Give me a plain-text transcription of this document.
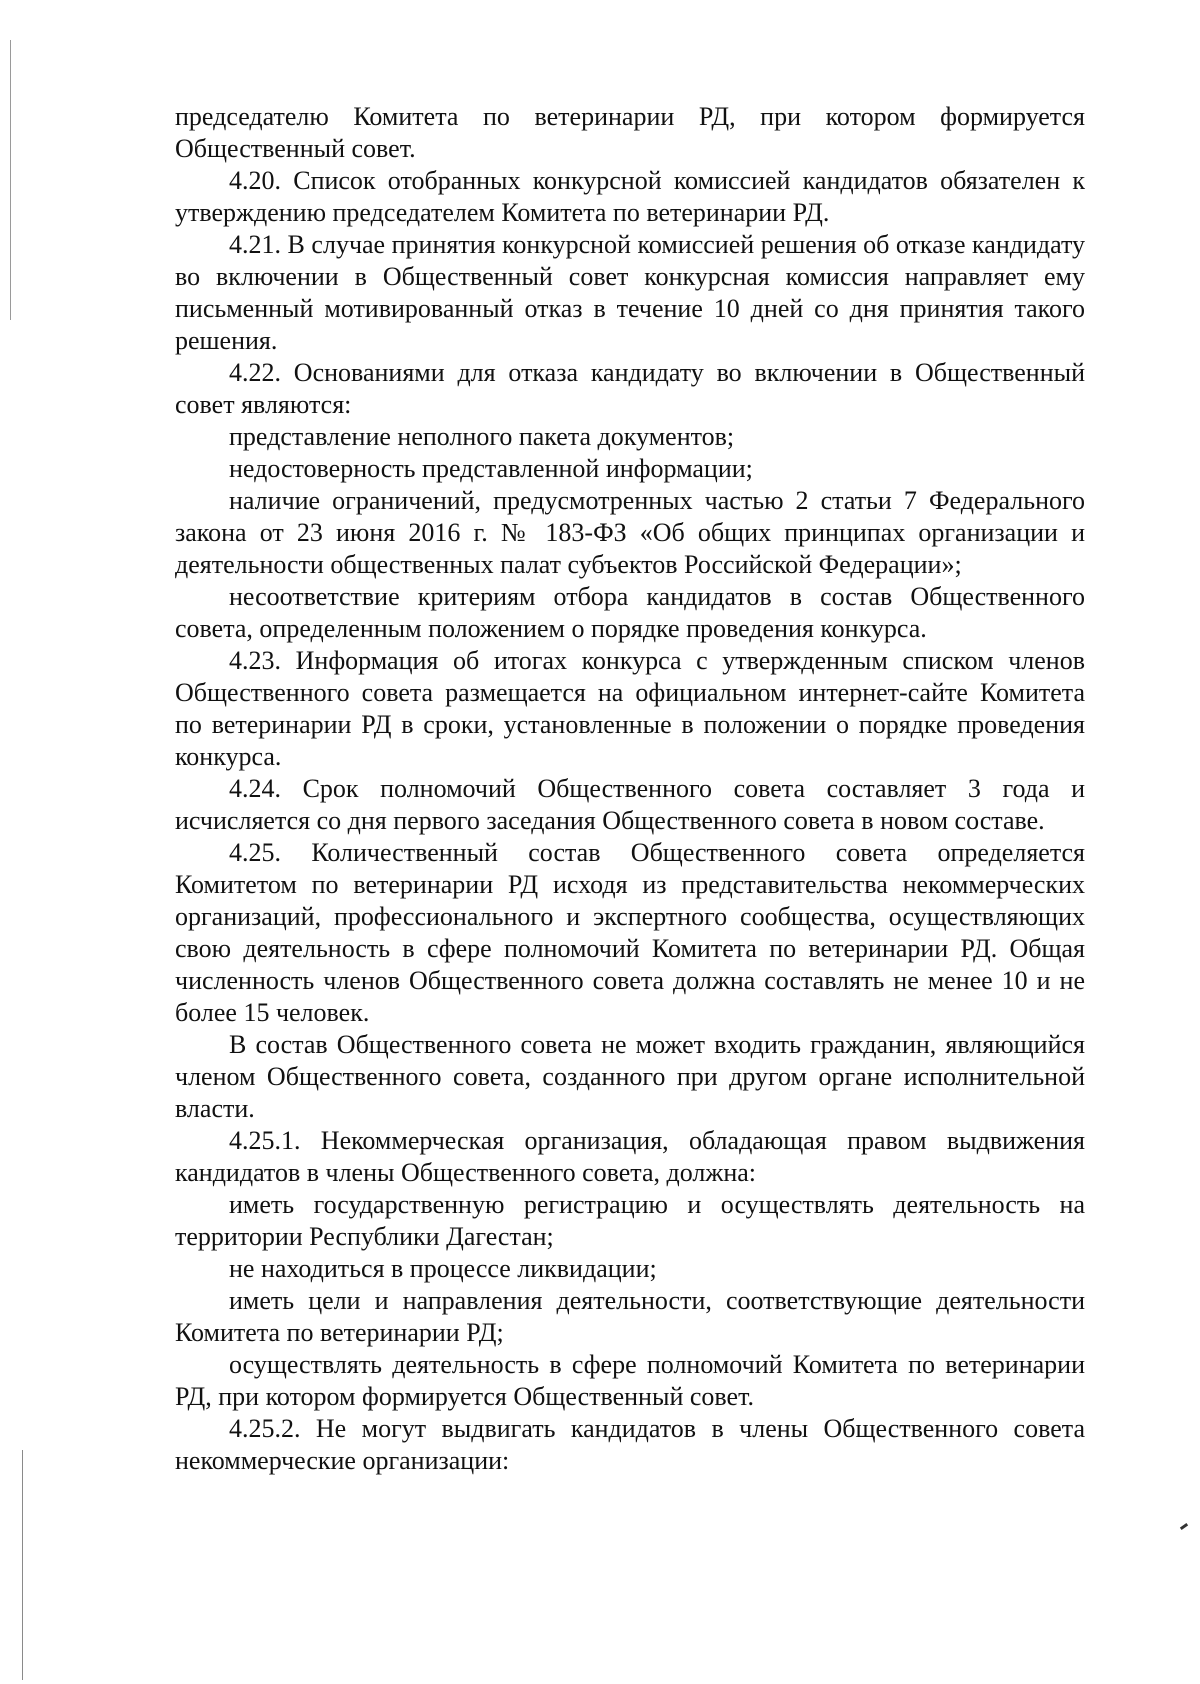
председателю Комитета по ветеринарии РД, при котором формируется Общественный совет.

4.20. Список отобранных конкурсной комиссией кандидатов обязателен к утверждению председателем Комитета по ветеринарии РД.

4.21. В случае принятия конкурсной комиссией решения об отказе кандидату во включении в Общественный совет конкурсная комиссия направляет ему письменный мотивированный отказ в течение 10 дней со дня принятия такого решения.

4.22. Основаниями для отказа кандидату во включении в Общественный совет являются:

представление неполного пакета документов;

недостоверность представленной информации;

наличие ограничений, предусмотренных частью 2 статьи 7 Федерального закона от 23 июня 2016 г. № 183-ФЗ «Об общих принципах организации и деятельности общественных палат субъектов Российской Федерации»;

несоответствие критериям отбора кандидатов в состав Общественного совета, определенным положением о порядке проведения конкурса.

4.23. Информация об итогах конкурса с утвержденным списком членов Общественного совета размещается на официальном интернет-сайте Комитета по ветеринарии РД в сроки, установленные в положении о порядке проведения конкурса.

4.24. Срок полномочий Общественного совета составляет 3 года и исчисляется со дня первого заседания Общественного совета в новом составе.

4.25. Количественный состав Общественного совета определяется Комитетом по ветеринарии РД исходя из представительства некоммерческих организаций, профессионального и экспертного сообщества, осуществляющих свою деятельность в сфере полномочий Комитета по ветеринарии РД. Общая численность членов Общественного совета должна составлять не менее 10 и не более 15 человек.

В состав Общественного совета не может входить гражданин, являющийся членом Общественного совета, созданного при другом органе исполнительной власти.

4.25.1. Некоммерческая организация, обладающая правом выдвижения кандидатов в члены Общественного совета, должна:

иметь государственную регистрацию и осуществлять деятельность на территории Республики Дагестан;

не находиться в процессе ликвидации;

иметь цели и направления деятельности, соответствующие деятельности Комитета по ветеринарии РД;

осуществлять деятельность в сфере полномочий Комитета по ветеринарии РД, при котором формируется Общественный совет.

4.25.2. Не могут выдвигать кандидатов в члены Общественного совета некоммерческие организации:
